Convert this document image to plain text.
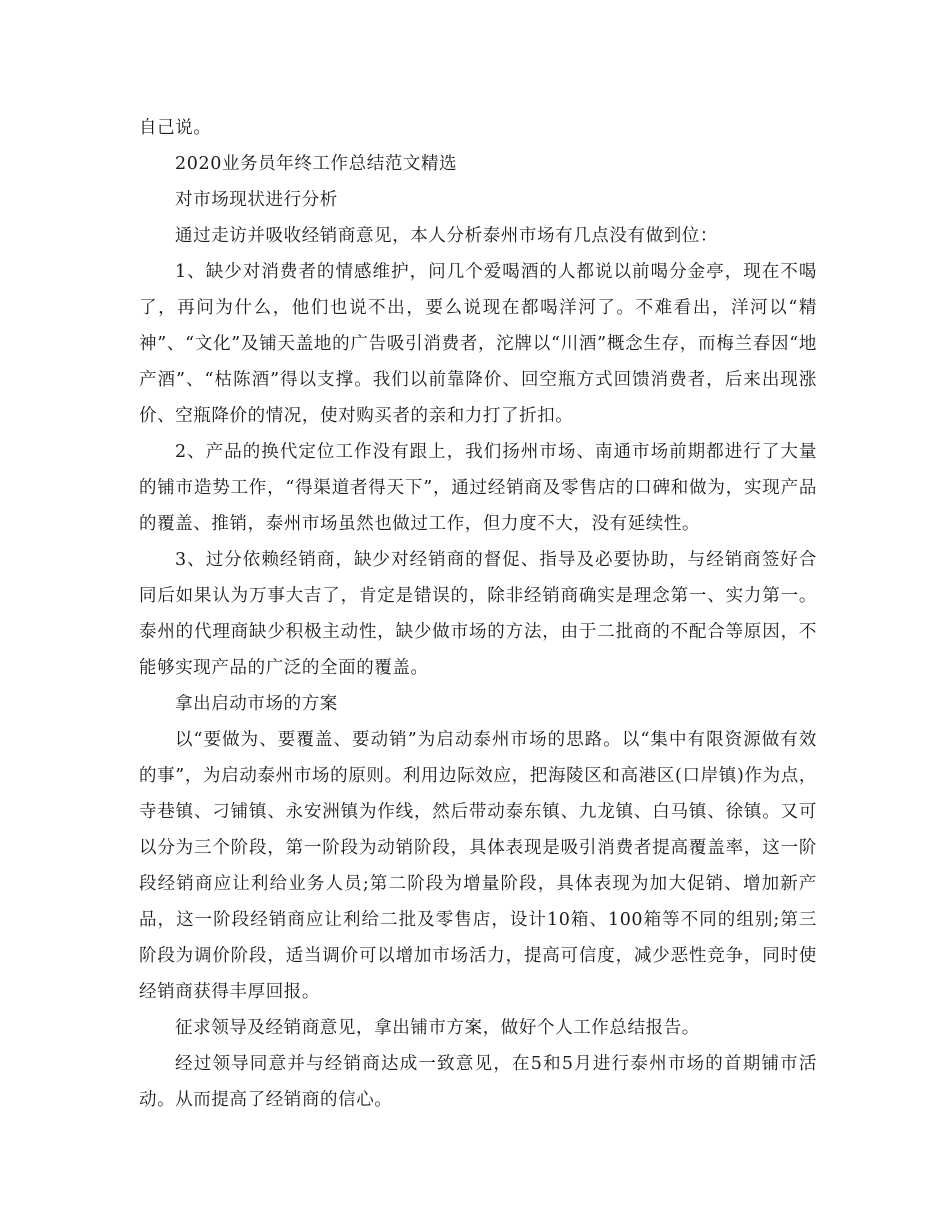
自己说。

2020业务员年终工作总结范文精选

对市场现状进行分析

通过走访并吸收经销商意见，本人分析泰州市场有几点没有做到位：

1、缺少对消费者的情感维护，问几个爱喝酒的人都说以前喝分金亭，现在不喝了，再问为什么，他们也说不出，要么说现在都喝洋河了。不难看出，洋河以“精神”、“文化”及铺天盖地的广告吸引消费者，沱牌以“川酒”概念生存，而梅兰春因“地产酒”、“枯陈酒”得以支撑。我们以前靠降价、回空瓶方式回馈消费者，后来出现涨价、空瓶降价的情况，使对购买者的亲和力打了折扣。

2、产品的换代定位工作没有跟上，我们扬州市场、南通市场前期都进行了大量的铺市造势工作，“得渠道者得天下”，通过经销商及零售店的口碑和做为，实现产品的覆盖、推销，泰州市场虽然也做过工作，但力度不大，没有延续性。

3、过分依赖经销商，缺少对经销商的督促、指导及必要协助，与经销商签好合同后如果认为万事大吉了，肯定是错误的，除非经销商确实是理念第一、实力第一。泰州的代理商缺少积极主动性，缺少做市场的方法，由于二批商的不配合等原因，不能够实现产品的广泛的全面的覆盖。

拿出启动市场的方案

以“要做为、要覆盖、要动销”为启动泰州市场的思路。以“集中有限资源做有效的事”，为启动泰州市场的原则。利用边际效应，把海陵区和高港区(口岸镇)作为点，寺巷镇、刁铺镇、永安洲镇为作线，然后带动泰东镇、九龙镇、白马镇、徐镇。又可以分为三个阶段，第一阶段为动销阶段，具体表现是吸引消费者提高覆盖率，这一阶段经销商应让利给业务人员;第二阶段为增量阶段，具体表现为加大促销、增加新产品，这一阶段经销商应让利给二批及零售店，设计10箱、100箱等不同的组别;第三阶段为调价阶段，适当调价可以增加市场活力，提高可信度，减少恶性竞争，同时使经销商获得丰厚回报。

征求领导及经销商意见，拿出铺市方案，做好个人工作总结报告。

经过领导同意并与经销商达成一致意见，在5和5月进行泰州市场的首期铺市活动。从而提高了经销商的信心。
